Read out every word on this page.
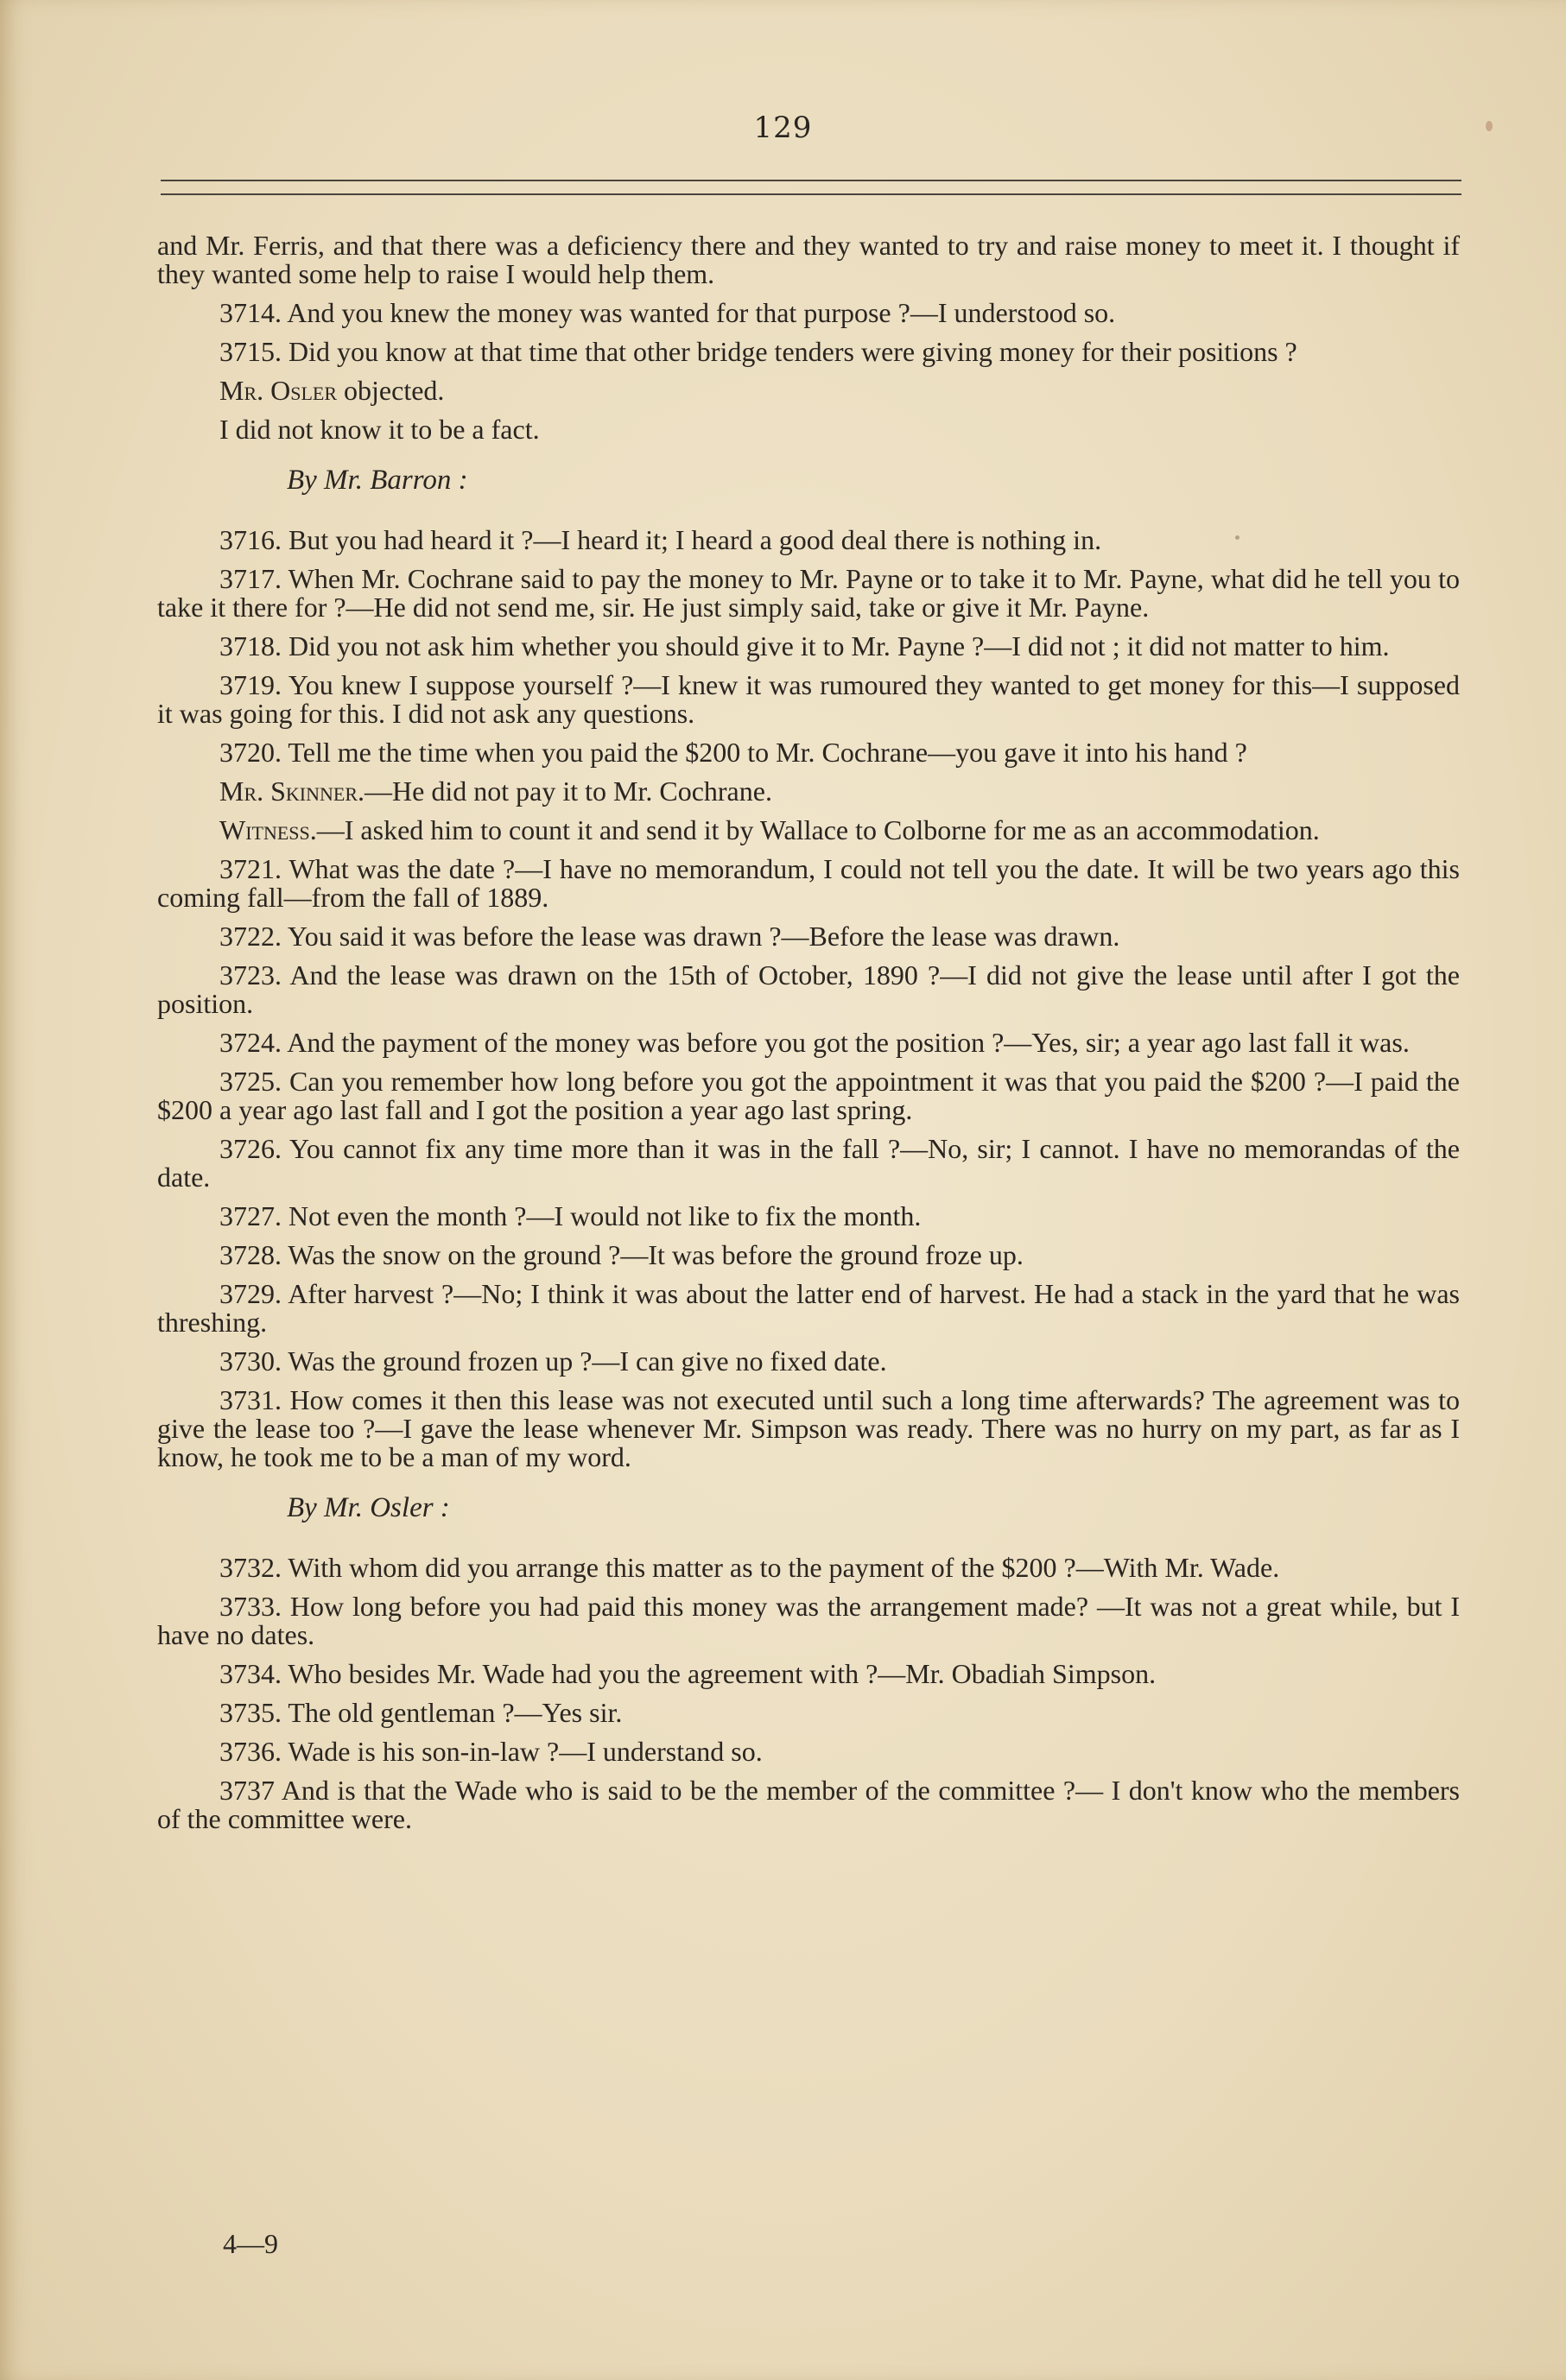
129

and Mr. Ferris, and that there was a deficiency there and they wanted to try and raise money to meet it. I thought if they wanted some help to raise I would help them.

3714. And you knew the money was wanted for that purpose ?—I understood so.

3715. Did you know at that time that other bridge tenders were giving money for their positions ?

Mr. Osler objected.

I did not know it to be a fact.

By Mr. Barron :

3716. But you had heard it ?—I heard it; I heard a good deal there is nothing in.

3717. When Mr. Cochrane said to pay the money to Mr. Payne or to take it to Mr. Payne, what did he tell you to take it there for ?—He did not send me, sir. He just simply said, take or give it Mr. Payne.

3718. Did you not ask him whether you should give it to Mr. Payne ?—I did not ; it did not matter to him.

3719. You knew I suppose yourself ?—I knew it was rumoured they wanted to get money for this—I supposed it was going for this. I did not ask any questions.

3720. Tell me the time when you paid the $200 to Mr. Cochrane—you gave it into his hand ?

Mr. Skinner.—He did not pay it to Mr. Cochrane.

Witness.—I asked him to count it and send it by Wallace to Colborne for me as an accommodation.

3721. What was the date ?—I have no memorandum, I could not tell you the date. It will be two years ago this coming fall—from the fall of 1889.

3722. You said it was before the lease was drawn ?—Before the lease was drawn.

3723. And the lease was drawn on the 15th of October, 1890 ?—I did not give the lease until after I got the position.

3724. And the payment of the money was before you got the position ?—Yes, sir; a year ago last fall it was.

3725. Can you remember how long before you got the appointment it was that you paid the $200 ?—I paid the $200 a year ago last fall and I got the position a year ago last spring.

3726. You cannot fix any time more than it was in the fall ?—No, sir; I cannot. I have no memorandas of the date.

3727. Not even the month ?—I would not like to fix the month.

3728. Was the snow on the ground ?—It was before the ground froze up.

3729. After harvest ?—No; I think it was about the latter end of harvest. He had a stack in the yard that he was threshing.

3730. Was the ground frozen up ?—I can give no fixed date.

3731. How comes it then this lease was not executed until such a long time afterwards? The agreement was to give the lease too ?—I gave the lease whenever Mr. Simpson was ready. There was no hurry on my part, as far as I know, he took me to be a man of my word.

By Mr. Osler :

3732. With whom did you arrange this matter as to the payment of the $200 ?—With Mr. Wade.

3733. How long before you had paid this money was the arrangement made? —It was not a great while, but I have no dates.

3734. Who besides Mr. Wade had you the agreement with ?—Mr. Obadiah Simpson.

3735. The old gentleman ?—Yes sir.

3736. Wade is his son-in-law ?—I understand so.

3737 And is that the Wade who is said to be the member of the committee ?— I don't know who the members of the committee were.

4—9
